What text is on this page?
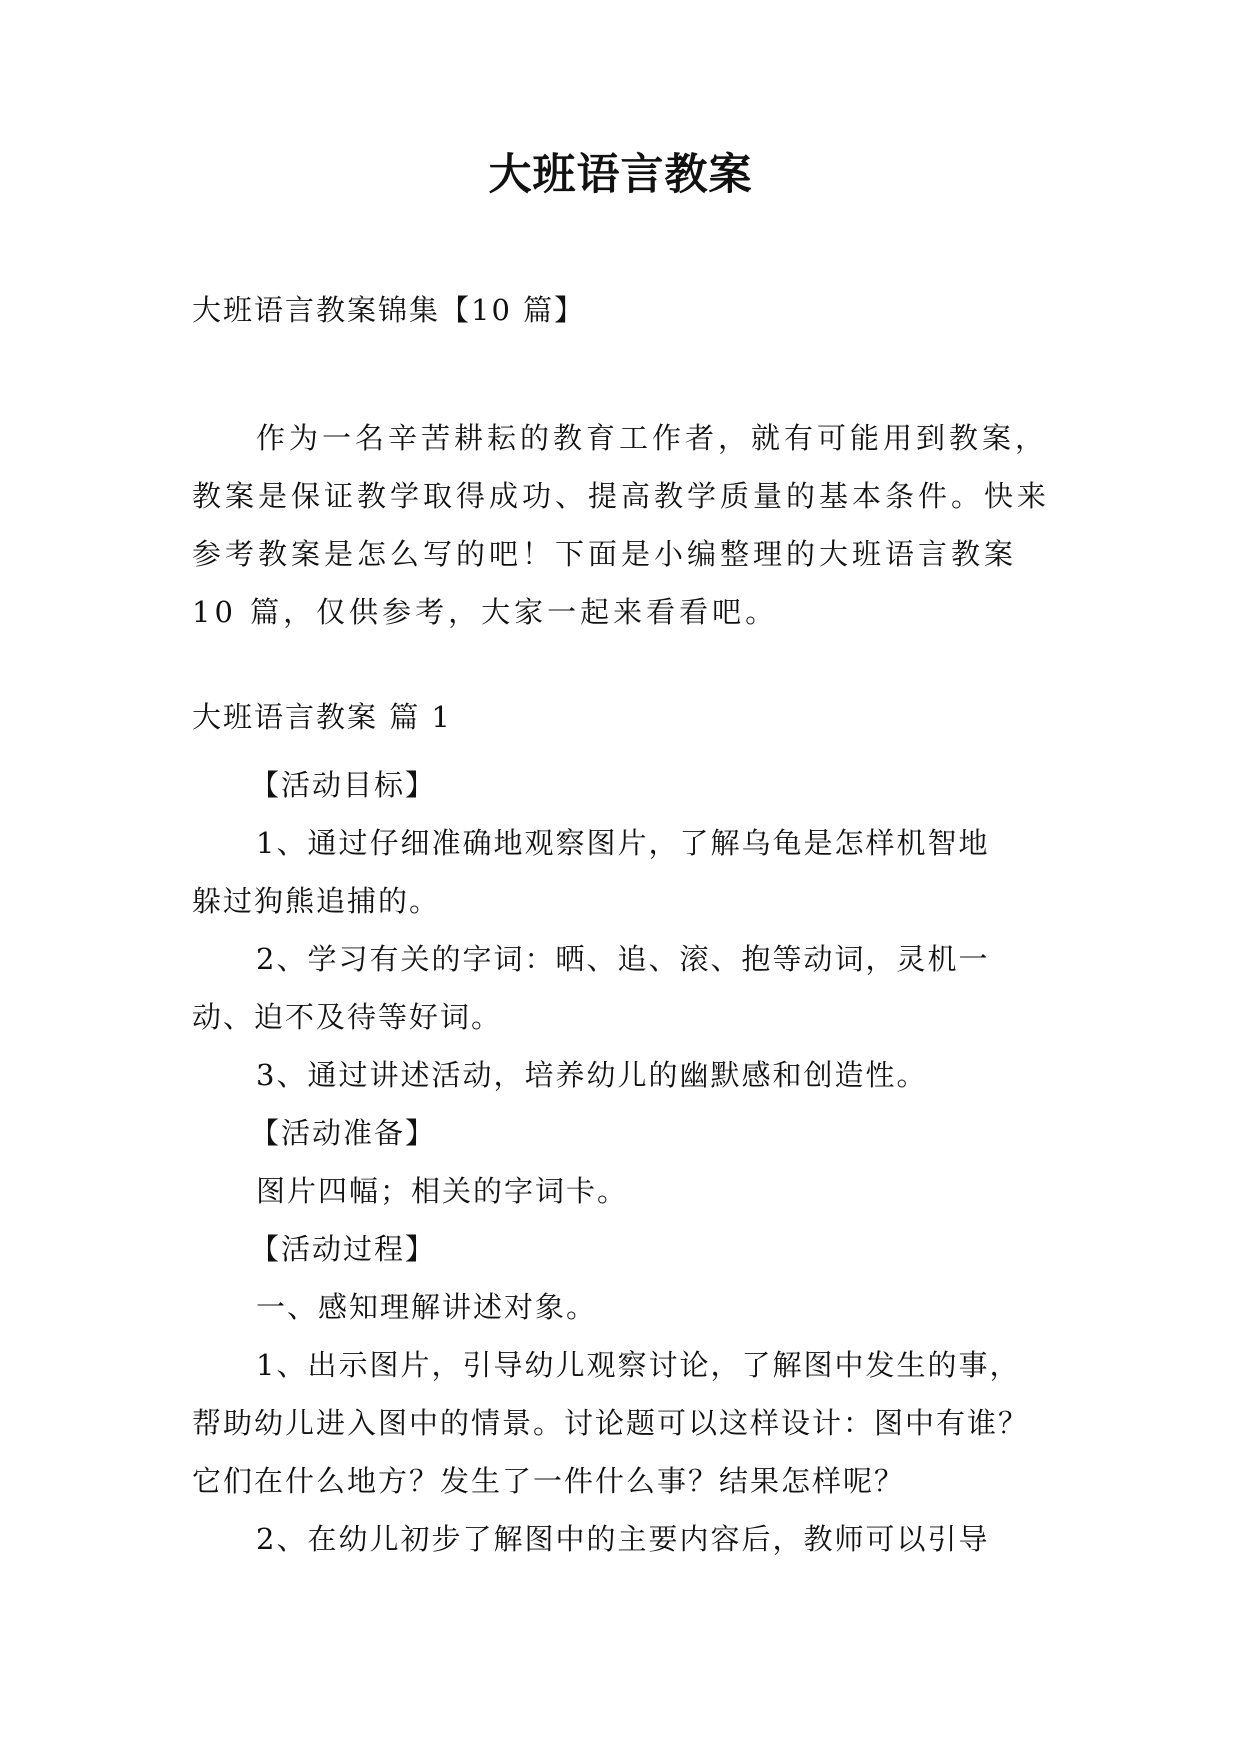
大班语言教案
大班语言教案锦集【10 篇】
作为一名辛苦耕耘的教育工作者，就有可能用到教案，
教案是保证教学取得成功、提高教学质量的基本条件。快来
参考教案是怎么写的吧！下面是小编整理的大班语言教案
10 篇，仅供参考，大家一起来看看吧。
大班语言教案 篇 1
【活动目标】
1、通过仔细准确地观察图片，了解乌龟是怎样机智地
躲过狗熊追捕的。
2、学习有关的字词：晒、追、滚、抱等动词，灵机一
动、迫不及待等好词。
3、通过讲述活动，培养幼儿的幽默感和创造性。
【活动准备】
图片四幅；相关的字词卡。
【活动过程】
一、感知理解讲述对象。
1、出示图片，引导幼儿观察讨论，了解图中发生的事，
帮助幼儿进入图中的情景。讨论题可以这样设计：图中有谁？
它们在什么地方？发生了一件什么事？结果怎样呢？
2、在幼儿初步了解图中的主要内容后，教师可以引导
